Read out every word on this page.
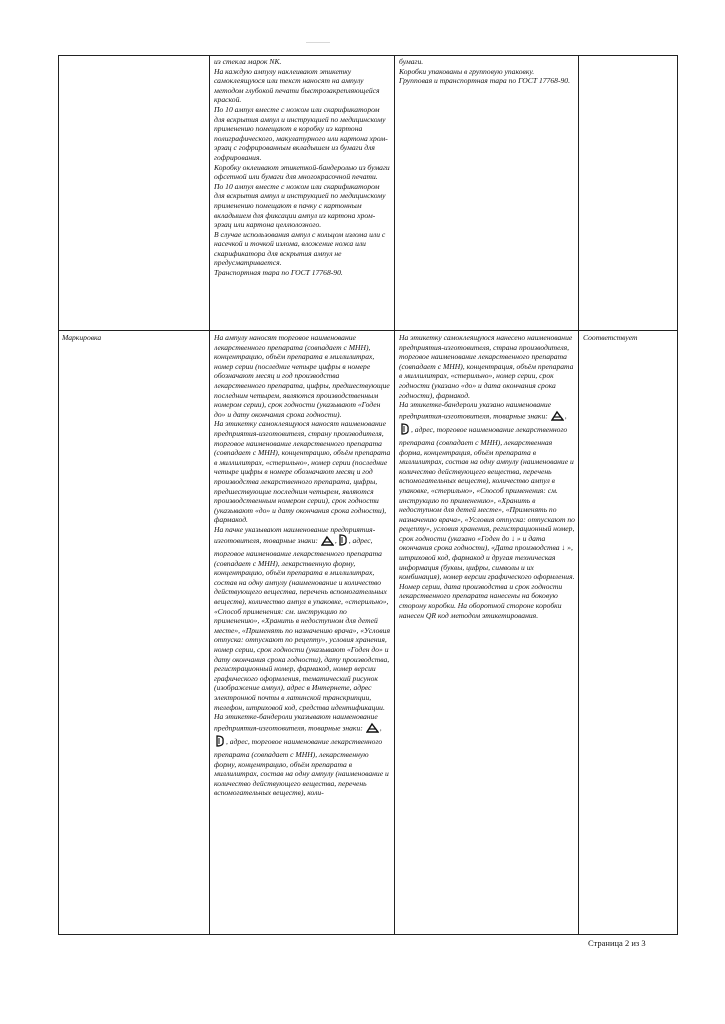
из стекла марок NK.

На каждую ампулу наклеивают этикетку самоклеящуюся или текст наносят на ампулу методом глубокой печати быстрозакрепляющейся краской.

По 10 ампул вместе с ножом или скарификатором для вскрытия ампул и инструкцией по медицинскому применению помещают в коробку из картона полиграфического, макулатурного или картона хром-эрзац с гофрированным вкладышем из бумаги для гофрирования.

Коробку оклеивают этикеткой-бандеролью из бумаги офсетной или бумаги для многокрасочной печати.

По 10 ампул вместе с ножом или скарификатором для вскрытия ампул и инструкцией по медицинскому применению помещают в пачку с картонным вкладышем для фиксации ампул из картона хром-эрзац или картона целлюлозного.

В случае использования ампул с кольцом излома или с насечкой и точкой излома, вложение ножа или скарификатора для вскрытия ампул не предусматривается.

Транспортная тара по ГОСТ 17768-90.

бумаги.

Коробки упакованы в групповую упаковку.

Групповая и транспортная тара по ГОСТ 17768-90.

Маркировка	На ампулу наносят торговое наименование лекарственного препарата (совпадает с МНН), концентрацию, объём препарата в миллилитрах, номер серии (последние четыре цифры в номере обозначают месяц и год производства лекарственного препарата, цифры, предшествующие последним четырем, являются производственным номером серии), срок годности (указывают «Годен до» и дату окончания срока годности).

На этикетку самоклеящуюся наносят наименование предприятия-изготовителя, страну производителя, торговое наименование лекарственного препарата (совпадает с МНН), концентрацию, объём препарата в миллилитрах, «стерильно», номер серии (последние четыре цифры в номере обозначают месяц и год производства лекарственного препарата, цифры, предшествующие последним четырем, являются производственным номером серии), срок годности (указывают «до» и дату окончания срока годности), фармакод.

На пачке указывают наименование предприятия-изготовителя, товарные знаки: , , адрес, торговое наименование лекарственного препарата (совпадает с МНН), лекарственную форму, концентрацию, объём препарата в миллилитрах, состав на одну ампулу (наименование и количество действующего вещества, перечень вспомогательных веществ), количество ампул в упаковке, «стерильно», «Способ применения: см. инструкцию по применению», «Хранить в недоступном для детей месте», «Применять по назначению врача», «Условия отпуска: отпускают по рецепту», условия хранения, номер серии, срок годности (указывают «Годен до» и дату окончания срока годности), дату производства, регистрационный номер, фармакод, номер версии графического оформления, тематический рисунок (изображение ампул), адрес в Интернете, адрес электронной почты в латинской транскрипции, телефон, штриховой код, средства идентификации.

На этикетке-бандероли указывают наименование предприятия-изготовителя, товарные знаки: ,, адрес, торговое наименование лекарственного препарата (совпадает с МНН), лекарственную форму, концентрацию, объём препарата в миллилитрах, состав на одну ампулу (наименование и количество действующего вещества, перечень вспомогательных веществ), коли-

На этикетку самоклеящуюся нанесено наименование предприятия-изготовителя, страна производителя, торговое наименование лекарственного препарата (совпадает с МНН), концентрация, объём препарата в миллилитрах, «стерильно», номер серии, срок годности (указано «до» и дата окончания срока годности), фармакод.

На этикетке-бандероли указано наименование предприятия-изготовителя, товарные знаки: ,, адрес, торговое наименование лекарственного препарата (совпадает с МНН), лекарственная форма, концентрация, объём препарата в миллилитрах, состав на одну ампулу (наименование и количество действующего вещества, перечень вспомогательных веществ), количество ампул в упаковке, «стерильно», «Способ применения: см. инструкцию по применению», «Хранить в недоступном для детей месте», «Применять по назначению врача», «Условия отпуска: отпускают по рецепту», условия хранения, регистрационный номер, срок годности (указано «Годен до ↓ » и дата окончания срока годности), «Дата производства ↓ », штриховой код, фармакод и другая техническая информация (буквы, цифры, символы и их комбинация), номер версии графического оформления. Номер серии, дата производства и срок годности лекарственного препарата нанесены на боковую сторону коробки. На оборотной стороне коробки нанесен QR код методом этикетирования.

Соответствует
Страница 2 из 3
